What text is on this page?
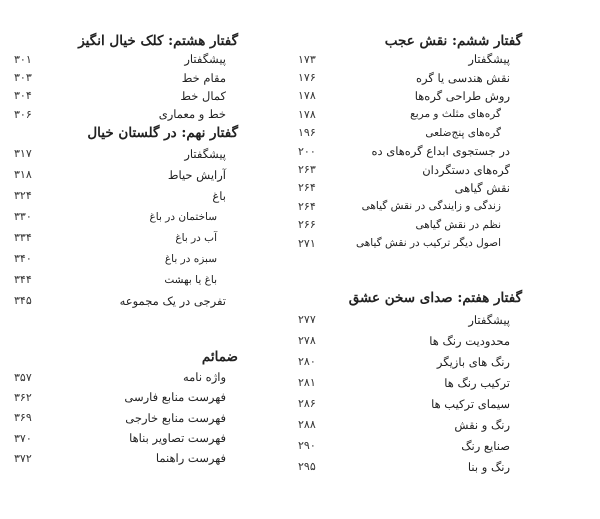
گفتار ششم: نقش عجب
پیشگفتار
۱۷۳
نقش هندسی یا گره
۱۷۶
روش طراحی گره‌ها
۱۷۸
گره‌های مثلث و مربع
۱۷۸
گره‌های پنج‌ضلعی
۱۹۶
در جستجوی ابداع گره‌های ده
۲۰۰
گره‌های دستگردان
۲۶۳
نقش گیاهی
۲۶۴
زندگی و زایندگی در نقش گیاهی
۲۶۴
نظم در نقش گیاهی
۲۶۶
اصول دیگر ترکیب در نقش گیاهی
۲۷۱
گفتار هفتم: صدای سخن عشق
پیشگفتار
۲۷۷
محدودیت رنگ ها
۲۷۸
رنگ های بازیگر
۲۸۰
ترکیب رنگ ها
۲۸۱
سیمای ترکیب ها
۲۸۶
رنگ و نقش
۲۸۸
صنایع رنگ
۲۹۰
رنگ و بنا
۲۹۵
گفتار هشتم: کلک خیال انگیز
پیشگفتار
۳۰۱
مقام خط
۳۰۳
کمال خط
۳۰۴
خط و معماری
۳۰۶
گفتار نهم: در گلستان خیال
پیشگفتار
۳۱۷
آرایش حیاط
۳۱۸
باغ
۳۲۴
ساختمان در باغ
۳۳۰
آب در باغ
۳۳۴
سبزه در باغ
۳۴۰
باغ یا بهشت
۳۴۴
تفرجی در یک مجموعه
۳۴۵
ضمائم
واژه نامه
۳۵۷
فهرست منابع فارسی
۳۶۲
فهرست منابع خارجی
۳۶۹
فهرست تصاویر بناها
۳۷۰
فهرست راهنما
۳۷۲
